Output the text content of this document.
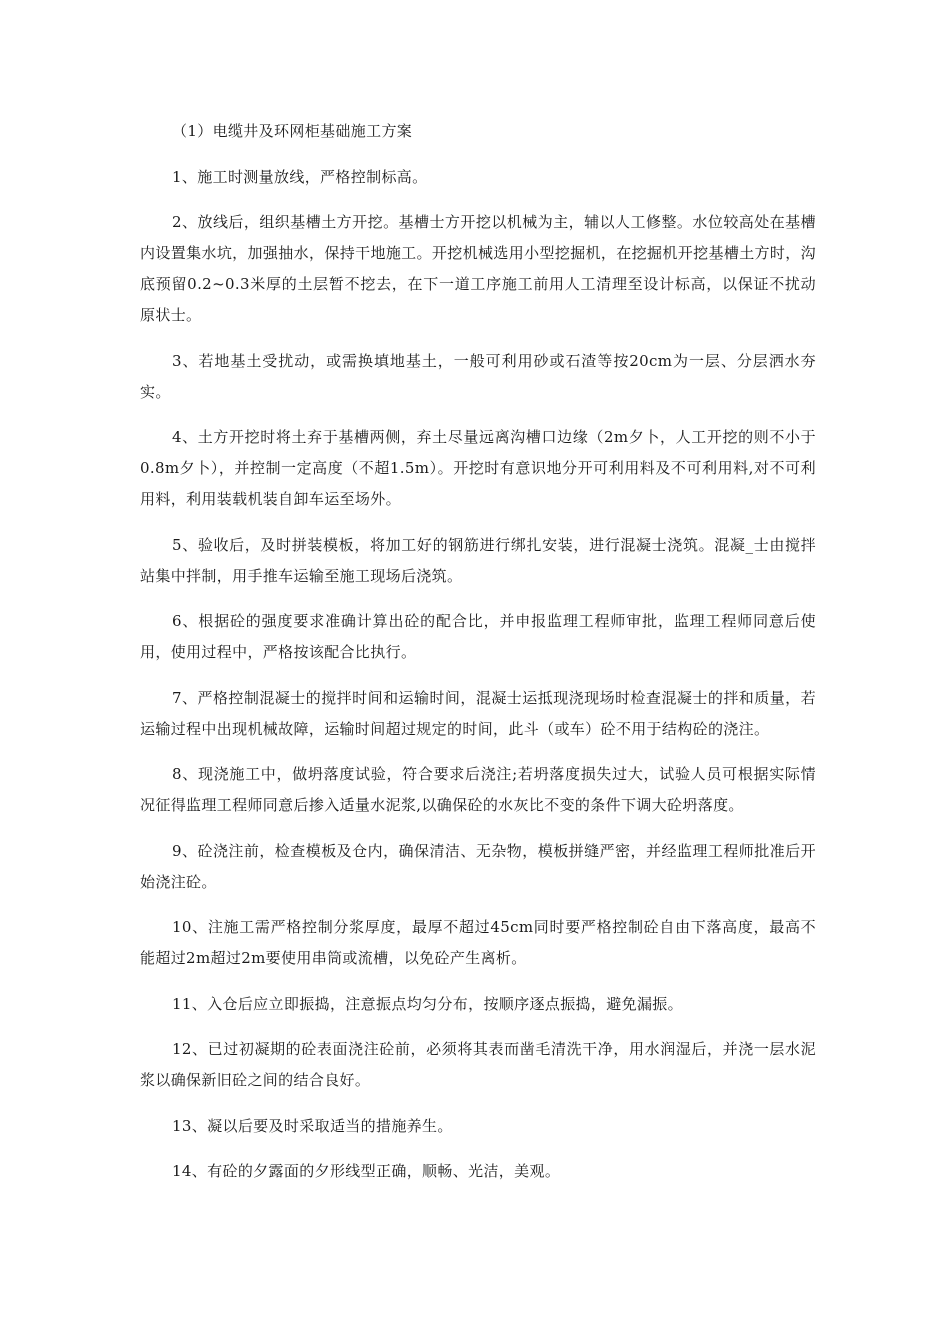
（1）电缆井及环网柜基础施工方案

1、施工时测量放线，严格控制标高。

2、放线后，组织基槽土方开挖。基槽士方开挖以机械为主，辅以人工修整。水位较高处在基槽内设置集水坑，加强抽水，保持干地施工。开挖机械选用小型挖掘机，在挖掘机开挖基槽土方时，沟底预留0.2~0.3米厚的土层暂不挖去，在下一道工序施工前用人工清理至设计标高，以保证不扰动原状士。

3、若地基土受扰动，或需换填地基土，一般可利用砂或石渣等按20cm为一层、分层洒水夯实。

4、土方开挖时将土弃于基槽两侧，弃土尽量远离沟槽口边缘（2m夕卜，人工开挖的则不小于0.8m夕卜），并控制一定高度（不超1.5m）。开挖时有意识地分开可利用料及不可利用料,对不可利用料，利用装载机装自卸车运至场外。

5、验收后，及时拼装模板，将加工好的钢筋进行绑扎安装，进行混凝士浇筑。混凝_士由搅拌站集中拌制，用手推车运输至施工现场后浇筑。

6、根据砼的强度要求准确计算出砼的配合比，并申报监理工程师审批，监理工程师同意后使用，使用过程中，严格按该配合比执行。

7、严格控制混凝士的搅拌时间和运输时间，混凝士运抵现浇现场时检查混凝士的拌和质量，若运输过程中出现机械故障，运输时间超过规定的时间，此斗（或车）砼不用于结构砼的浇注。

8、现浇施工中，做坍落度试验，符合要求后浇注;若坍落度损失过大，试验人员可根据实际情况征得监理工程师同意后掺入适量水泥浆,以确保砼的水灰比不变的条件下调大砼坍落度。

9、砼浇注前，检查模板及仓内，确保清洁、无杂物，模板拼缝严密，并经监理工程师批准后开始浇注砼。

10、注施工需严格控制分浆厚度，最厚不超过45cm同时要严格控制砼自由下落高度，最高不能超过2m超过2m要使用串筒或流槽，以免砼产生离析。

11、入仓后应立即振捣，注意振点均匀分布，按顺序逐点振捣，避免漏振。

12、已过初凝期的砼表面浇注砼前，必须将其表而凿毛清洗干净，用水润湿后，并浇一层水泥浆以确保新旧砼之间的结合良好。

13、凝以后要及时采取适当的措施养生。

14、有砼的夕露面的夕形线型正确，顺畅、光洁，美观。
